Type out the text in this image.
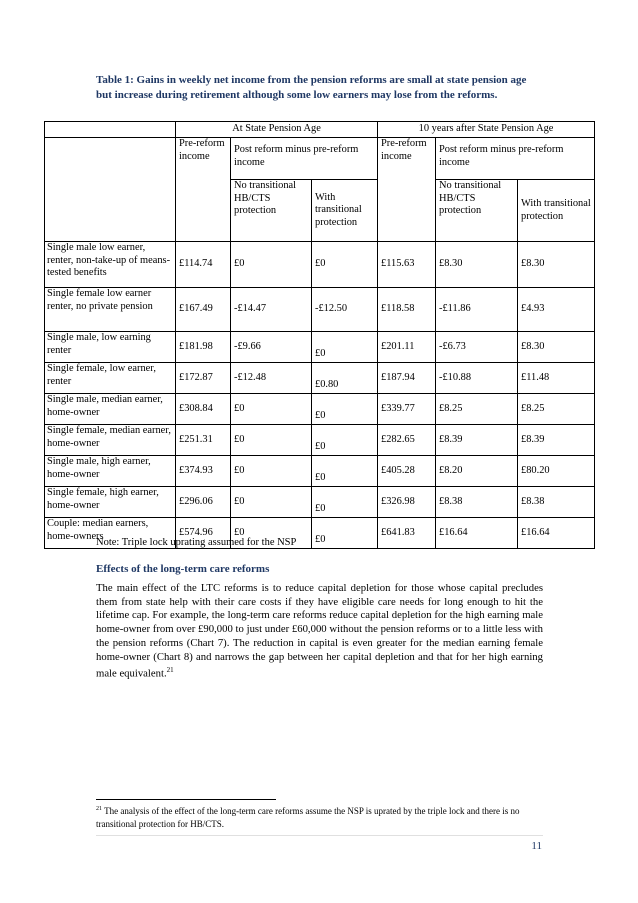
Table 1: Gains in weekly net income from the pension reforms are small at state pension age but increase during retirement although some low earners may lose from the reforms.
	At State Pension Age			10 years after State Pension Age		
	Pre-reform income	Post reform minus pre-reform income		Pre-reform income	Post reform minus pre-reform income	
		No transitional HB/CTS protection	With transitional protection		No transitional HB/CTS protection	With transitional protection
Single male low earner, renter, non-take-up of means-tested benefits	£114.74	£0	£0	£115.63	£8.30	£8.30
Single female low earner renter, no private pension	£167.49	-£14.47	-£12.50	£118.58	-£11.86	£4.93
Single male, low earning renter	£181.98	-£9.66	£0	£201.11	-£6.73	£8.30
Single female, low earner, renter	£172.87	-£12.48	£0.80	£187.94	-£10.88	£11.48
Single male, median earner, home-owner	£308.84	£0	£0	£339.77	£8.25	£8.25
Single female, median earner, home-owner	£251.31	£0	£0	£282.65	£8.39	£8.39
Single male, high earner, home-owner	£374.93	£0	£0	£405.28	£8.20	£80.20
Single female, high earner, home-owner	£296.06	£0	£0	£326.98	£8.38	£8.38
Couple: median earners, home-owners	£574.96	£0	£0	£641.83	£16.64	£16.64
Note: Triple lock uprating assumed for the NSP
Effects of the long-term care reforms
The main effect of the LTC reforms is to reduce capital depletion for those whose capital precludes them from state help with their care costs if they have eligible care needs for long enough to hit the lifetime cap. For example, the long-term care reforms reduce capital depletion for the high earning male home-owner from over £90,000 to just under £60,000 without the pension reforms or to a little less with the pension reforms (Chart 7). The reduction in capital is even greater for the median earning female home-owner (Chart 8) and narrows the gap between her capital depletion and that for her high earning male equivalent.$^{21}$
$^{21}$ The analysis of the effect of the long-term care reforms assume the NSP is uprated by the triple lock and there is no transitional protection for HB/CTS.
11
